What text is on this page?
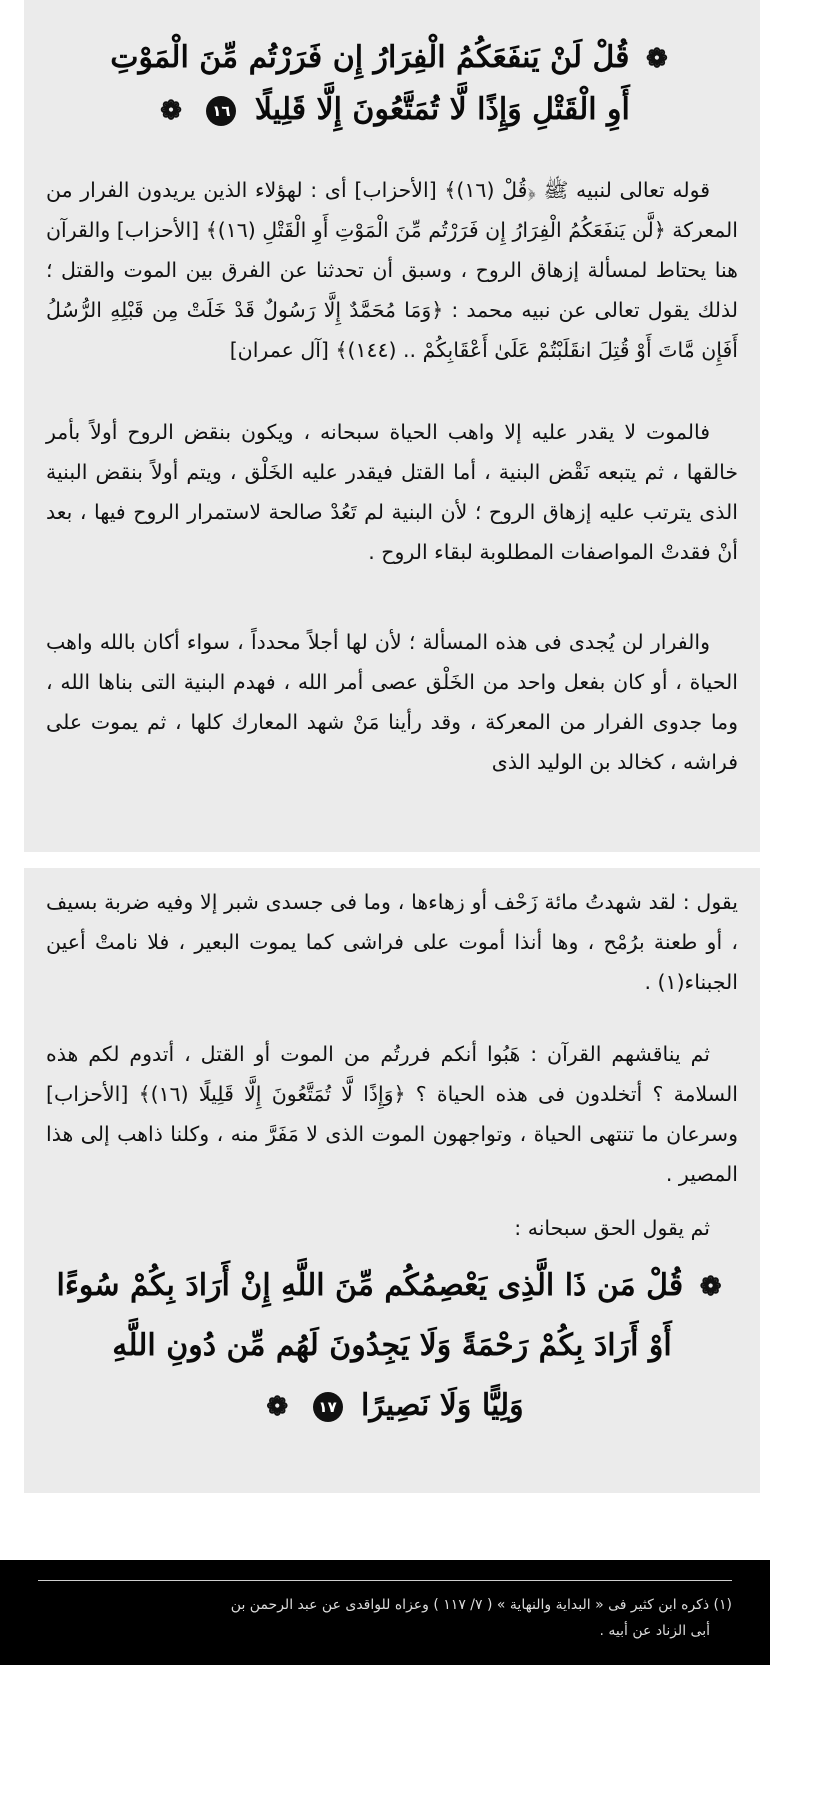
❁ قُلْ لَنْ يَنفَعَكُمُ الْفِرَارُ إِن فَرَرْتُم مِّنَ الْمَوْتِ
أَوِ الْقَتْلِ وَإِذًا لَّا تُمَتَّعُونَ إِلَّا قَلِيلًا ١٦ ❁
قوله تعالى لنبيه ﷺ ﴿قُلْ (١٦)﴾ [الأحزاب] أى : لهؤلاء الذين يريدون الفرار من المعركة ﴿لَّن يَنفَعَكُمُ الْفِرَارُ إِن فَرَرْتُم مِّنَ الْمَوْتِ أَوِ الْقَتْلِ (١٦)﴾ [الأحزاب] والقرآن هنا يحتاط لمسألة إزهاق الروح ، وسبق أن تحدثنا عن الفرق بين الموت والقتل ؛ لذلك يقول تعالى عن نبيه محمد : ﴿وَمَا مُحَمَّدٌ إِلَّا رَسُولٌ قَدْ خَلَتْ مِن قَبْلِهِ الرُّسُلُ أَفَإِن مَّاتَ أَوْ قُتِلَ انقَلَبْتُمْ عَلَىٰ أَعْقَابِكُمْ .. (١٤٤)﴾ [آل عمران]
فالموت لا يقدر عليه إلا واهب الحياة سبحانه ، ويكون بنقض الروح أولاً بأمر خالقها ، ثم يتبعه نَقْض البنية ، أما القتل فيقدر عليه الخَلْق ، ويتم أولاً بنقض البنية الذى يترتب عليه إزهاق الروح ؛ لأن البنية لم تَعُدْ صالحة لاستمرار الروح فيها ، بعد أنْ فقدتْ المواصفات المطلوبة لبقاء الروح .
والفرار لن يُجدى فى هذه المسألة ؛ لأن لها أجلاً محدداً ، سواء أكان بالله واهب الحياة ، أو كان بفعل واحد من الخَلْق عصى أمر الله ، فهدم البنية التى بناها الله ، وما جدوى الفرار من المعركة ، وقد رأينا مَنْ شهد المعارك كلها ، ثم يموت على فراشه ، كخالد بن الوليد الذى
يقول : لقد شهدتُ مائة زَحْف أو زهاءها ، وما فى جسدى شبر إلا وفيه ضربة بسيف ، أو طعنة برُمْح ، وها أنذا أموت على فراشى كما يموت البعير ، فلا نامتْ أعين الجبناء(١) .
ثم يناقشهم القرآن : هَبُوا أنكم فررتُم من الموت أو القتل ، أتدوم لكم هذه السلامة ؟ أتخلدون فى هذه الحياة ؟ ﴿وَإِذًا لَّا تُمَتَّعُونَ إِلَّا قَلِيلًا (١٦)﴾ [الأحزاب] وسرعان ما تنتهى الحياة ، وتواجهون الموت الذى لا مَفَرَّ منه ، وكلنا ذاهب إلى هذا المصير .
ثم يقول الحق سبحانه :
❁ قُلْ مَن ذَا الَّذِى يَعْصِمُكُم مِّنَ اللَّهِ إِنْ أَرَادَ بِكُمْ سُوءًا
أَوْ أَرَادَ بِكُمْ رَحْمَةً وَلَا يَجِدُونَ لَهُم مِّن دُونِ اللَّهِ
وَلِيًّا وَلَا نَصِيرًا ١٧ ❁
(١) ذكره ابن كثير فى « البداية والنهاية » ( ٧/ ١١٧ ) وعزاه للواقدى عن عبد الرحمن بن
أبى الزناد عن أبيه .
